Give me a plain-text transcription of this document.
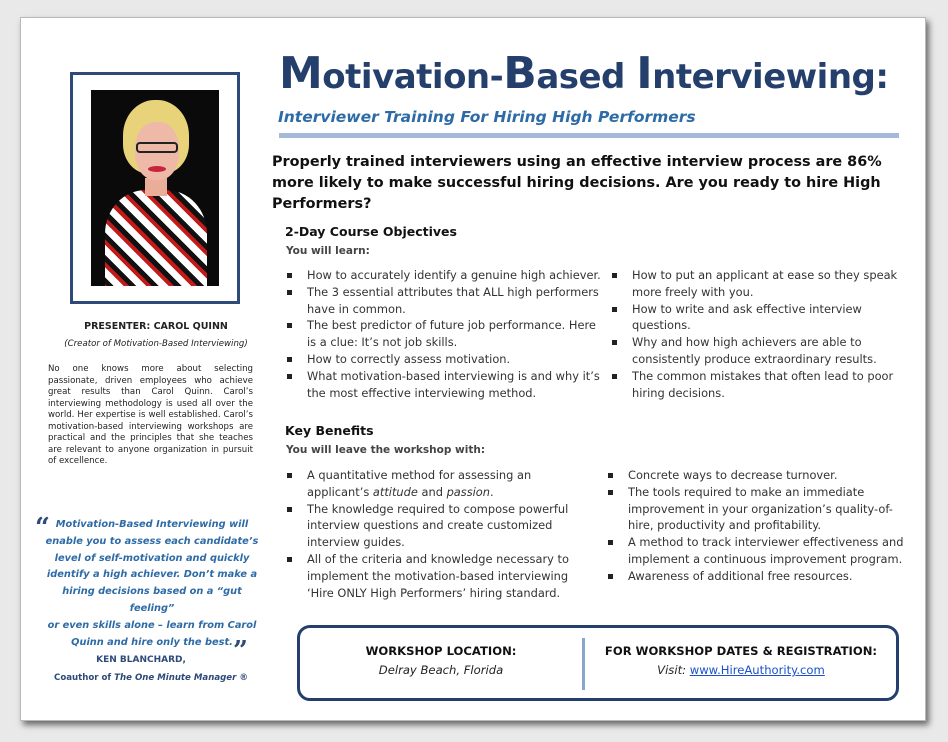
PRESENTER: CAROL QUINN
(Creator of Motivation-Based Interviewing)
No one knows more about selecting passionate, driven employees who achieve great results than Carol Quinn. Carol’s interviewing methodology is used all over the world. Her expertise is well established. Carol’s motivation-based interviewing workshops are practical and the principles that she teaches are relevant to anyone organization in pursuit of excellence.
“ Motivation-Based Interviewing will
enable you to assess each candidate’s
level of self-motivation and quickly
identify a high achiever. Don’t make a
hiring decisions based on a “gut feeling”
or even skills alone – learn from Carol
Quinn and hire only the best. ”
KEN BLANCHARD,
Coauthor of The One Minute Manager ®
Motivation-Based Interviewing:
Interviewer Training For Hiring High Performers
Properly trained interviewers using an effective interview process are 86% more likely to make successful hiring decisions. Are you ready to hire High Performers?
2-Day Course Objectives
You will learn:
How to accurately identify a genuine high achiever.
The 3 essential attributes that ALL high performers have in common.
The best predictor of future job performance. Here is a clue: It’s not job skills.
How to correctly assess motivation.
What motivation-based interviewing is and why it’s the most effective interviewing method.
How to put an applicant at ease so they speak more freely with you.
How to write and ask effective interview questions.
Why and how high achievers are able to consistently produce extraordinary results.
The common mistakes that often lead to poor hiring decisions.
Key Benefits
You will leave the workshop with:
A quantitative method for assessing an applicant’s attitude and passion.
The knowledge required to compose powerful interview questions and create customized interview guides.
All of the criteria and knowledge necessary to implement the motivation-based interviewing ‘Hire ONLY High Performers’ hiring standard.
Concrete ways to decrease turnover.
The tools required to make an immediate improvement in your organization’s quality-of-hire, productivity and profitability.
A method to track interviewer effectiveness and implement a continuous improvement program.
Awareness of additional free resources.
WORKSHOP LOCATION:
Delray Beach, Florida
FOR WORKSHOP DATES & REGISTRATION:
Visit: www.HireAuthority.com
